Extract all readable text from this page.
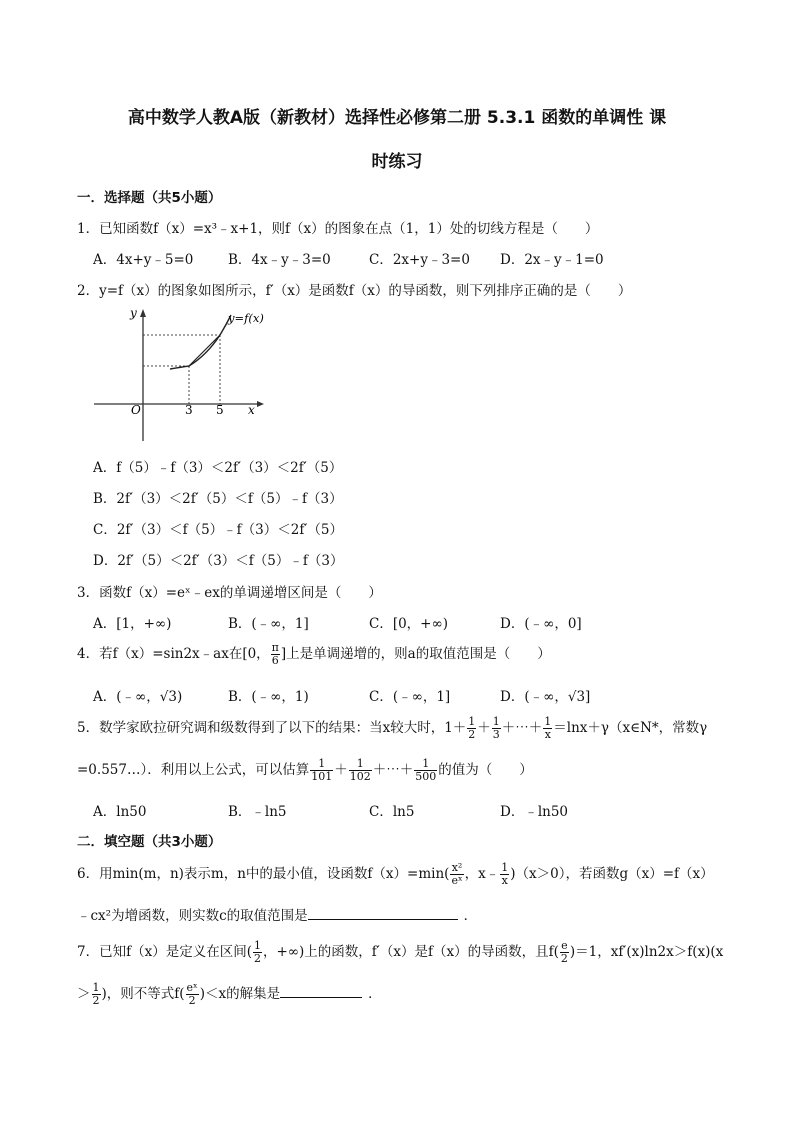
高中数学人教A版（新教材）选择性必修第二册 5.3.1 函数的单调性 课
时练习
一．选择题（共5小题）
1．已知函数f（x）=x³﹣x+1，则f（x）的图象在点（1，1）处的切线方程是（　　）
A．4x+y﹣5=0	B．4x﹣y﹣3=0	C．2x+y﹣3=0 D．2x﹣y﹣1=0
2．y=f（x）的图象如图所示，f′（x）是函数f（x）的导函数，则下列排序正确的是（　　）
y
x
O	3 5
y=f(x)
A．f（5）﹣f（3）＜2f′（3）＜2f′（5）
B．2f′（3）＜2f′（5）＜f（5）﹣f（3）
C．2f′（3）＜f（5）﹣f（3）＜2f′（5）
D．2f′（5）＜2f′（3）＜f（5）﹣f（3）
3．函数f（x）=eˣ﹣ex的单调递增区间是（　　）
A．[1，+∞)	B．(﹣∞，1]	C．[0，+∞)	D．(﹣∞，0]
4．若f（x）=sin2x﹣ax在[0， $\frac{\pi}{6}$ ]上是单调递增的，则a的取值范围是（　　）
A．(﹣∞，√3)	B．(﹣∞，1)	C．(﹣∞，1]	D．(﹣∞，√3]
5．数学家欧拉研究调和级数得到了以下的结果：当x较大时，$1+ \frac{1}{2} + \frac{1}{3}$ ＋⋯＋ $\frac{1}{x}$ ＝lnx＋γ（x∈N*，常数γ
=0.557…）．利用以上公式，可以估算 $\frac{1}{101} + \frac{1}{102}$ ＋⋯＋ $\frac{1}{500}$ 的值为（　　）
A．ln50	B．﹣ln5	C．ln5	D．﹣ln50
二．填空题（共3小题）
6．用min(m，n)表示m，n中的最小值，设函数$f(x)=\min( \frac{\text{x²}}{\text{eˣ}}$ ，x﹣ $\frac{1}{x} )(x>0)$，若函数g（x）=f（x）
﹣cx²为增函数，则实数c的取值范围是	．
7．已知f（x）是定义在区间( $\frac{1}{2}$ ，+∞)上的函数，f′（x）是f（x）的导函数，且$f( \frac{e}{2} )=1$，xf′(x)ln2x＞f(x)(x
＞ $\frac{1}{2}$ )，则不等式$f( \frac{\text{eˣ}}{2} )<x$的解集是	．
